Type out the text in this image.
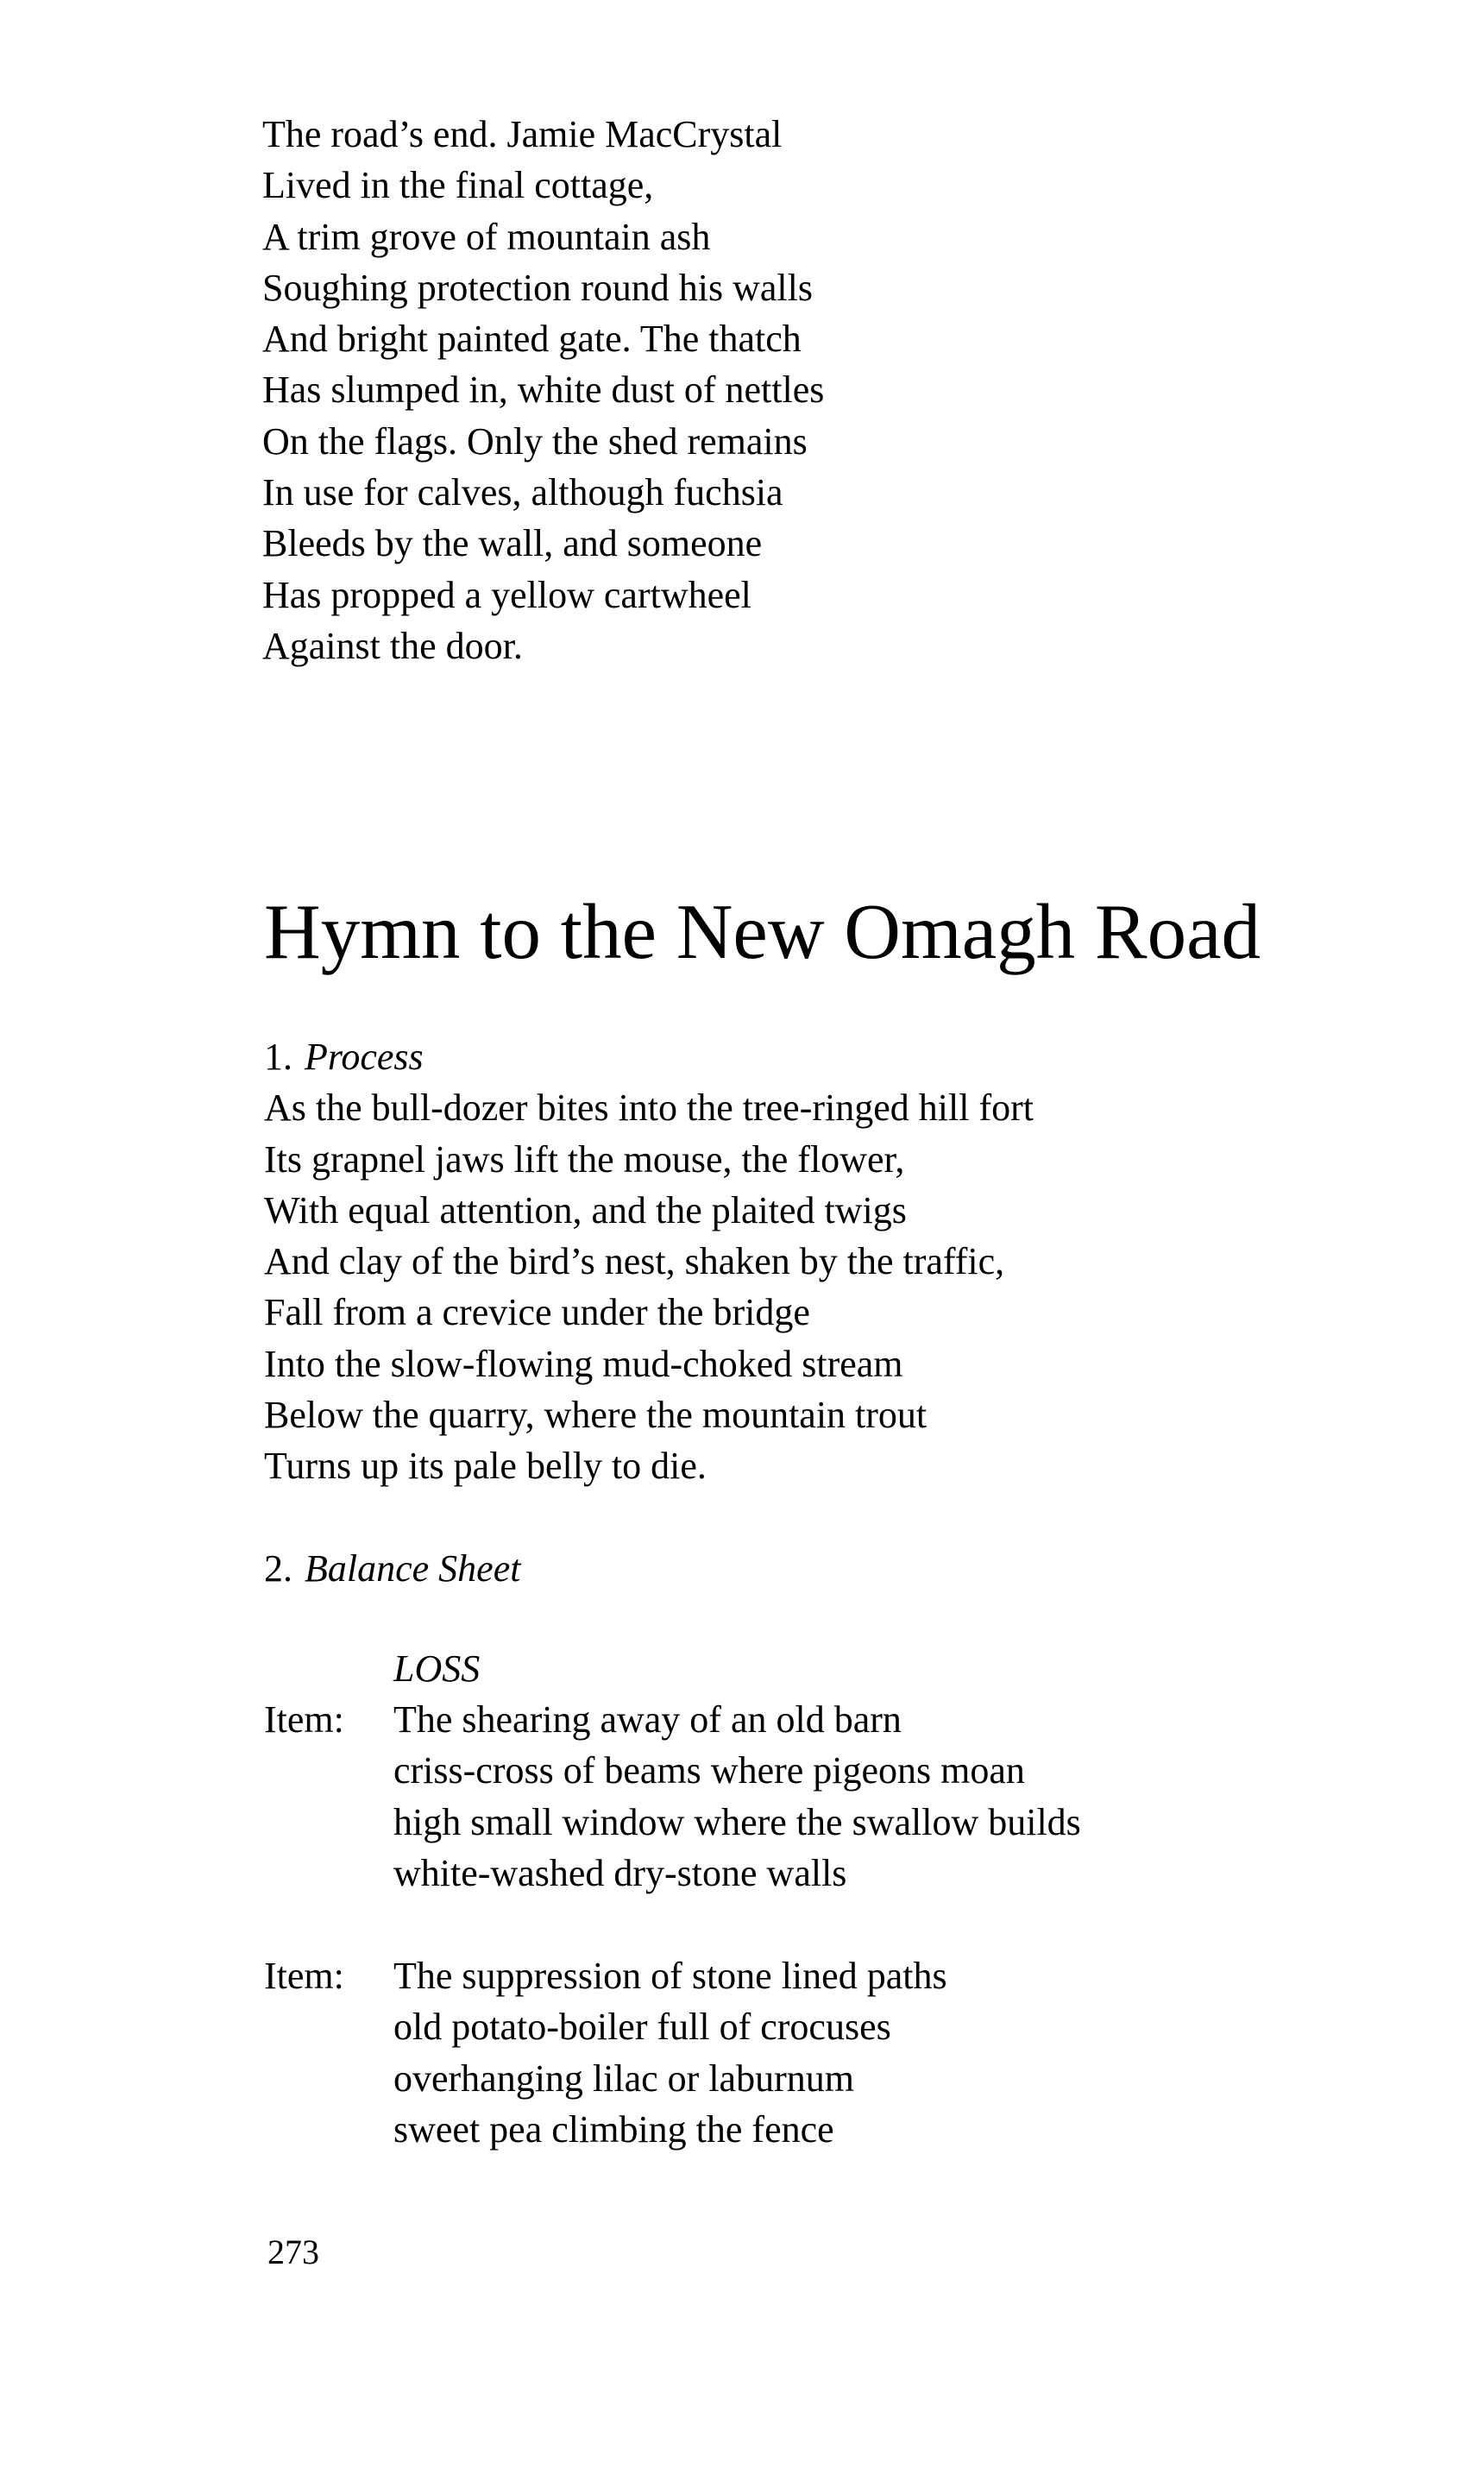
The road’s end. Jamie MacCrystal
Lived in the final cottage,
A trim grove of mountain ash
Soughing protection round his walls
And bright painted gate. The thatch
Has slumped in, white dust of nettles
On the flags. Only the shed remains
In use for calves, although fuchsia
Bleeds by the wall, and someone
Has propped a yellow cartwheel
Against the door.
Hymn to the New Omagh Road
1. Process
As the bull-dozer bites into the tree-ringed hill fort
Its grapnel jaws lift the mouse, the flower,
With equal attention, and the plaited twigs
And clay of the bird’s nest, shaken by the traffic,
Fall from a crevice under the bridge
Into the slow-flowing mud-choked stream
Below the quarry, where the mountain trout
Turns up its pale belly to die.
2. Balance Sheet
LOSS
Item: The shearing away of an old barn
criss-cross of beams where pigeons moan
high small window where the swallow builds
white-washed dry-stone walls
Item: The suppression of stone lined paths
old potato-boiler full of crocuses
overhanging lilac or laburnum
sweet pea climbing the fence
273
